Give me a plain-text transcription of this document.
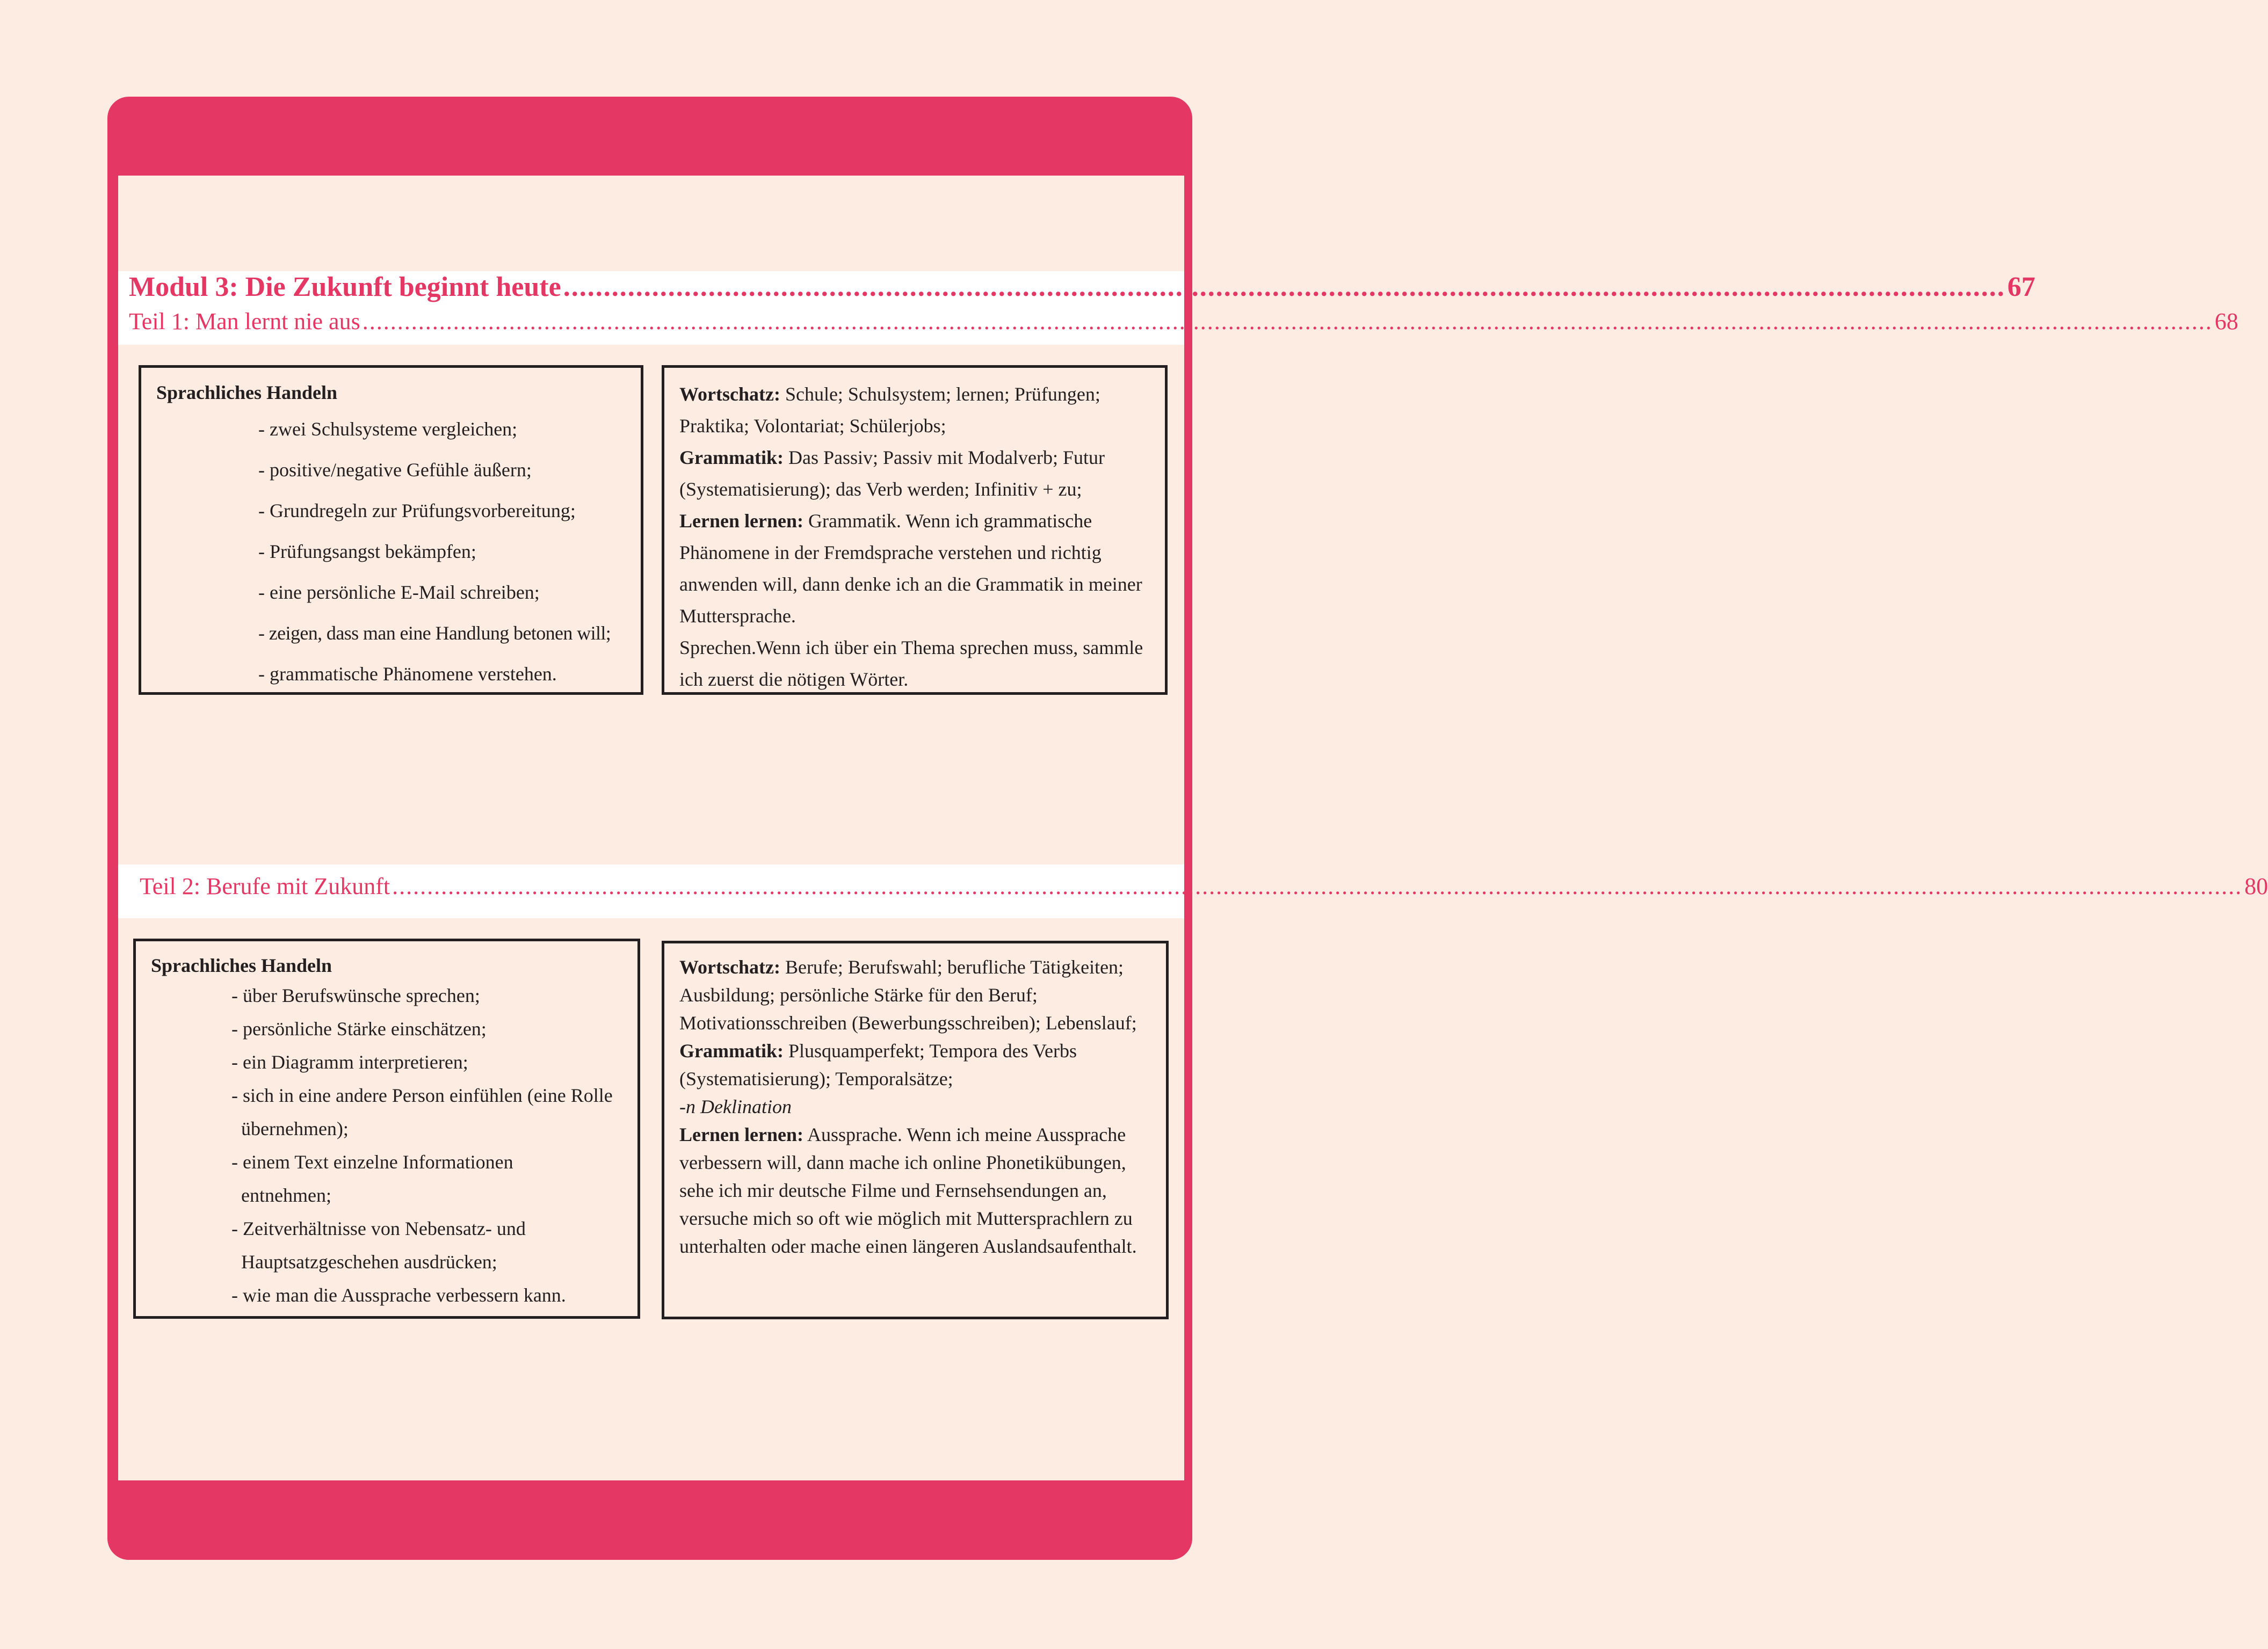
Modul 3: Die Zukunft beginnt heute ................................................................................................................................................................................... 67
Teil 1: Man lernt nie aus ......................................................................................................................................................................................................................................................................... 68
Sprachliches Handeln
- zwei Schulsysteme vergleichen;
- positive/negative Gefühle äußern;
- Grundregeln zur Prüfungsvorbereitung;
- Prüfungsangst bekämpfen;
- eine persönliche E-Mail schreiben;
- zeigen, dass man eine Handlung betonen will;
- grammatische Phänomene verstehen.

Wortschatz: Schule; Schulsystem; lernen; Prüfungen; Praktika; Volontariat; Schülerjobs;

Grammatik: Das Passiv; Passiv mit Modalverb; Futur (Systematisierung); das Verb werden; Infinitiv + zu;

Lernen lernen: Grammatik. Wenn ich grammatische Phänomene in der Fremdsprache verstehen und richtig anwenden will, dann denke ich an die Grammatik in meiner Muttersprache.

Sprechen.Wenn ich über ein Thema sprechen muss, sammle ich zuerst die nötigen Wörter.

Teil 2: Berufe mit Zukunft ......................................................................................................................................................................................................................................................................... 80
Sprachliches Handeln
- über Berufswünsche sprechen;
- persönliche Stärke einschätzen;
- ein Diagramm interpretieren;
- sich in eine andere Person einfühlen (eine Rolle übernehmen);
- einem Text einzelne Informationen entnehmen;
- Zeitverhältnisse von Nebensatz- und Hauptsatzgeschehen ausdrücken;
- wie man die Aussprache verbessern kann.

Wortschatz: Berufe; Berufswahl; berufliche Tätigkeiten; Ausbildung; persönliche Stärke für den Beruf; Motivationsschreiben (Bewerbungsschreiben); Lebenslauf;

Grammatik: Plusquamperfekt; Tempora des Verbs (Systematisierung); Temporalsätze;

-n Deklination

Lernen lernen: Aussprache. Wenn ich meine Aussprache verbessern will, dann mache ich online Phonetikübungen, sehe ich mir deutsche Filme und Fernsehsendungen an, versuche mich so oft wie möglich mit Muttersprachlern zu unterhalten oder mache einen längeren Auslandsaufenthalt.
